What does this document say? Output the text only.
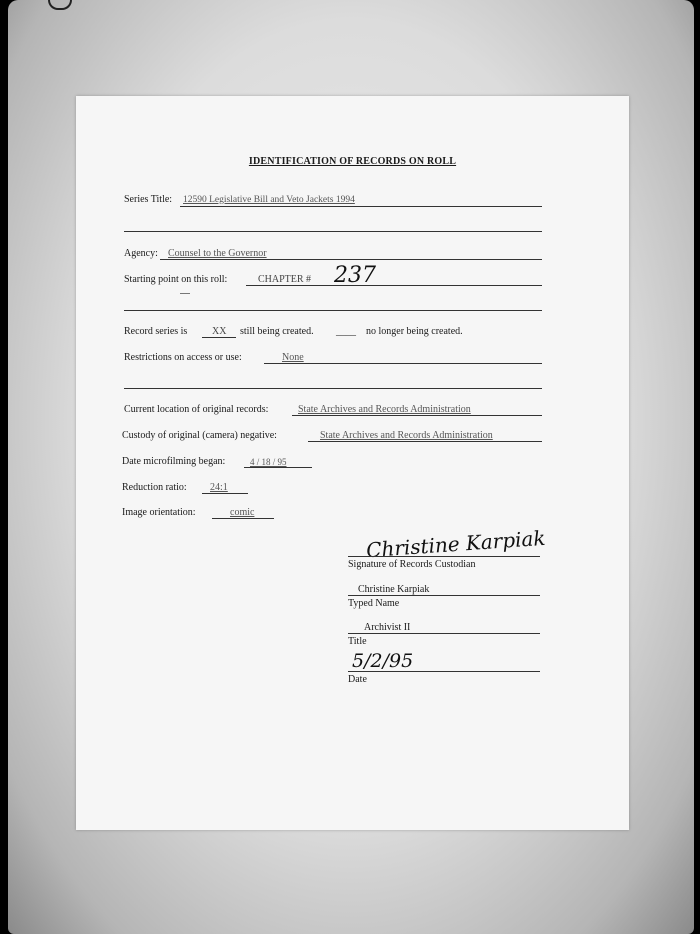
IDENTIFICATION OF RECORDS ON ROLL
Series Title: 12590 Legislative Bill and Veto Jackets 1994
Agency: Counsel to the Governor
Starting point on this roll:	CHAPTER # 237
Record series is XX still being created. ____ no longer being created.
Restrictions on access or use:	None
Current location of original records:	State Archives and Records Administration
Custody of original (camera) negative:	State Archives and Records Administration
Date microfilming began:	4 / 18 / 95
Reduction ratio: 24:1
Image orientation:	comic
Christine Karpiak
Signature of Records Custodian
Christine Karpiak
Typed Name
Archivist II
Title
5/2/95
Date
